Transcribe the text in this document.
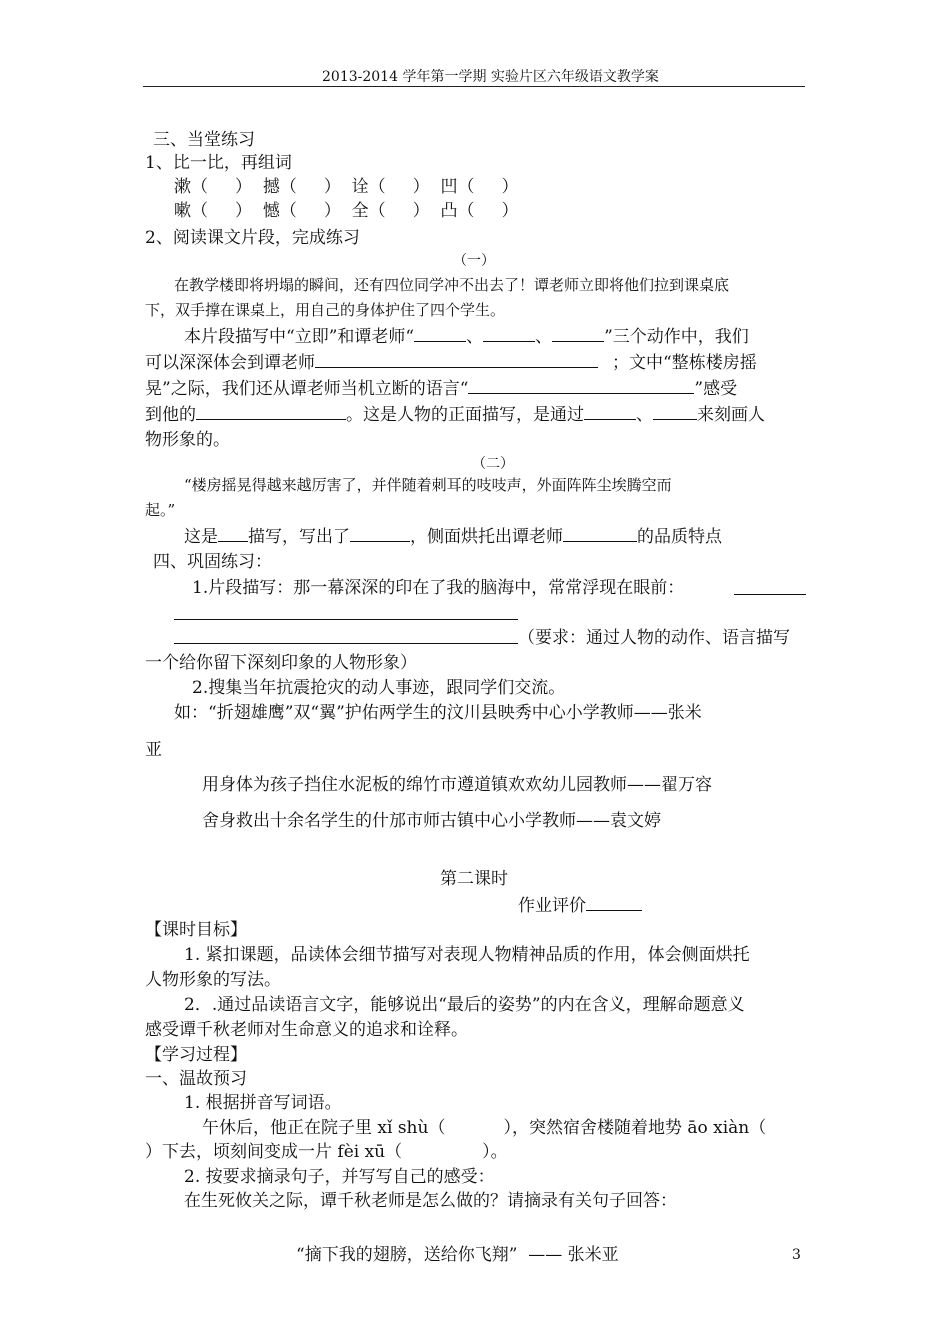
2013-2014 学年第一学期 实验片区六年级语文教学案
三、当堂练习
1、比一比，再组词
漱（     ）  撼（     ）  诠（     ）  凹（     ）
嗽（     ）  憾（     ）  全（     ）  凸（     ）
2、阅读课文片段，完成练习
（一）
在教学楼即将坍塌的瞬间，还有四位同学冲不出去了！谭老师立即将他们拉到课桌底
下，双手撑在课桌上，用自己的身体护住了四个学生。
本片段描写中“立即”和谭老师“	、	、	”三个动作中，我们
可以深深体会到谭老师	；文中“整栋楼房摇
晃”之际，我们还从谭老师当机立断的语言“	”感受
到他的	。这是人物的正面描写，是通过	、	来刻画人
物形象的。
（二）
“楼房摇晃得越来越厉害了，并伴随着刺耳的吱吱声，外面阵阵尘埃腾空而
起。”
这是 描写，写出了	，侧面烘托出谭老师	的品质特点
四、巩固练习：
1.片段描写：那一幕深深的印在了我的脑海中，常常浮现在眼前：
（要求：通过人物的动作、语言描写
一个给你留下深刻印象的人物形象）
2.搜集当年抗震抢灾的动人事迹，跟同学们交流。
如：“折翅雄鹰”双“翼”护佑两学生的汶川县映秀中心小学教师——张米
亚
用身体为孩子挡住水泥板的绵竹市遵道镇欢欢幼儿园教师——翟万容
舍身救出十余名学生的什邡市师古镇中心小学教师——袁文婷
第二课时
作业评价
【课时目标】
1. 紧扣课题，品读体会细节描写对表现人物精神品质的作用，体会侧面烘托
人物形象的写法。
2．.通过品读语言文字，能够说出“最后的姿势”的内在含义，理解命题意义
感受谭千秋老师对生命意义的追求和诠释。
【学习过程】
一、温故预习
1. 根据拼音写词语。
午休后，他正在院子里 xǐ shù（	），突然宿舍楼随着地势 āo xiàn（
）下去，顷刻间变成一片 fèi xū（	）。
2. 按要求摘录句子，并写写自己的感受：
在生死攸关之际，谭千秋老师是怎么做的？请摘录有关句子回答：
“摘下我的翅膀，送给你飞翔”  —— 张米亚	3
